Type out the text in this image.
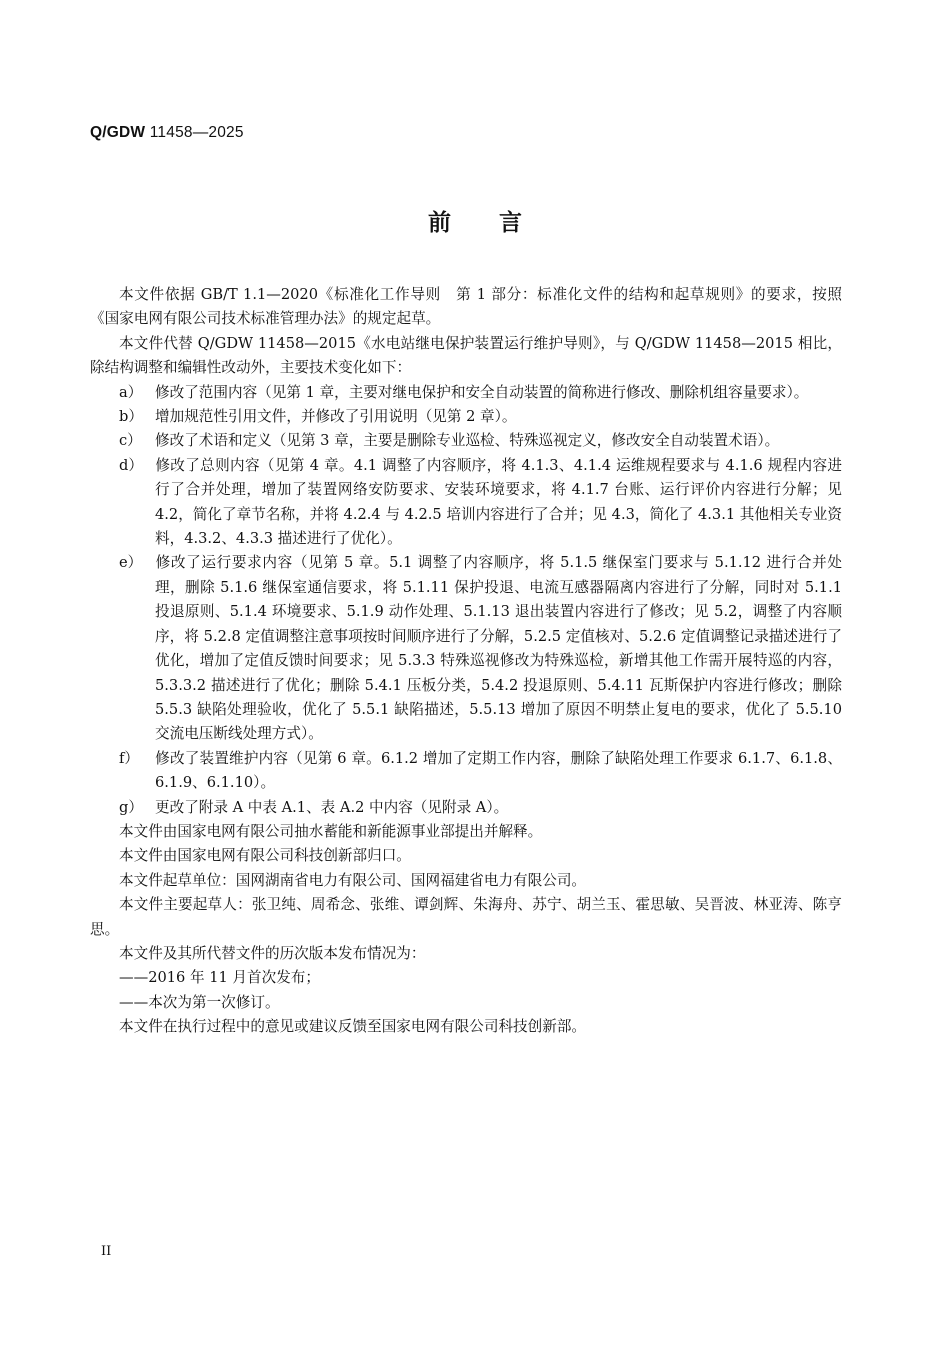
Q/GDW 11458—2025
前言

本文件依据 GB/T 1.1—2020《标准化工作导则　第 1 部分：标准化文件的结构和起草规则》的要求，按照《国家电网有限公司技术标准管理办法》的规定起草。

本文件代替 Q/GDW 11458—2015《水电站继电保护装置运行维护导则》，与 Q/GDW 11458—2015 相比，除结构调整和编辑性改动外，主要技术变化如下：

a） 修改了范围内容（见第 1 章，主要对继电保护和安全自动装置的简称进行修改、删除机组容量要求）。

b） 增加规范性引用文件，并修改了引用说明（见第 2 章）。

c） 修改了术语和定义（见第 3 章，主要是删除专业巡检、特殊巡视定义，修改安全自动装置术语）。

d） 修改了总则内容（见第 4 章。4.1 调整了内容顺序，将 4.1.3、4.1.4 运维规程要求与 4.1.6 规程内容进行了合并处理，增加了装置网络安防要求、安装环境要求，将 4.1.7 台账、运行评价内容进行分解；见 4.2，简化了章节名称，并将 4.2.4 与 4.2.5 培训内容进行了合并；见 4.3，简化了 4.3.1 其他相关专业资料，4.3.2、4.3.3 描述进行了优化）。

e） 修改了运行要求内容（见第 5 章。5.1 调整了内容顺序，将 5.1.5 继保室门要求与 5.1.12 进行合并处理，删除 5.1.6 继保室通信要求，将 5.1.11 保护投退、电流互感器隔离内容进行了分解，同时对 5.1.1 投退原则、5.1.4 环境要求、5.1.9 动作处理、5.1.13 退出装置内容进行了修改；见 5.2，调整了内容顺序，将 5.2.8 定值调整注意事项按时间顺序进行了分解，5.2.5 定值核对、5.2.6 定值调整记录描述进行了优化，增加了定值反馈时间要求；见 5.3.3 特殊巡视修改为特殊巡检，新增其他工作需开展特巡的内容，5.3.3.2 描述进行了优化；删除 5.4.1 压板分类，5.4.2 投退原则、5.4.11 瓦斯保护内容进行修改；删除 5.5.3 缺陷处理验收，优化了 5.5.1 缺陷描述，5.5.13 增加了原因不明禁止复电的要求，优化了 5.5.10 交流电压断线处理方式）。

f） 修改了装置维护内容（见第 6 章。6.1.2 增加了定期工作内容，删除了缺陷处理工作要求 6.1.7、6.1.8、6.1.9、6.1.10）。

g） 更改了附录 A 中表 A.1、表 A.2 中内容（见附录 A）。

本文件由国家电网有限公司抽水蓄能和新能源事业部提出并解释。

本文件由国家电网有限公司科技创新部归口。

本文件起草单位：国网湖南省电力有限公司、国网福建省电力有限公司。

本文件主要起草人：张卫纯、周希念、张维、谭剑辉、朱海舟、苏宁、胡兰玉、霍思敏、吴晋波、林亚涛、陈亨思。

本文件及其所代替文件的历次版本发布情况为：

——2016 年 11 月首次发布；

——本次为第一次修订。

本文件在执行过程中的意见或建议反馈至国家电网有限公司科技创新部。

II
